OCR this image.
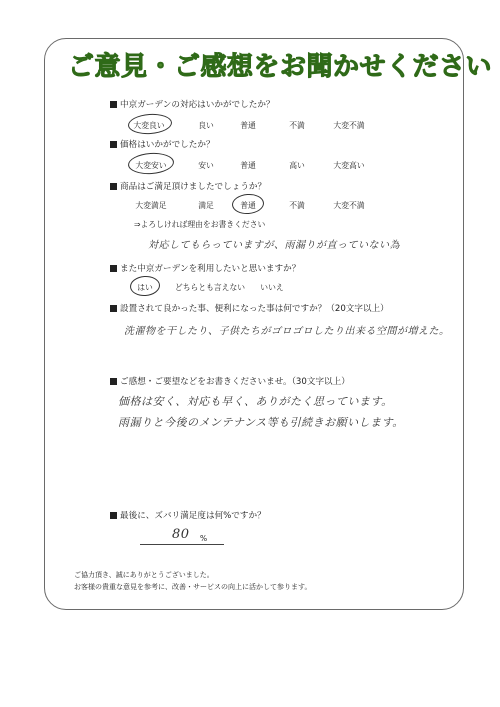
ご意見・ご感想をお聞かせください
中京ガーデンの対応はいかがでしたか？
大変良い	良い	普通	不満	大変不満
価格はいかがでしたか？
大変安い	安い	普通	高い	大変高い
商品はご満足頂けましたでしょうか？
大変満足	満足	普通	不満	大変不満
⇒よろしければ理由をお書きください
対応してもらっていますが、雨漏りが直っていない為
また中京ガーデンを利用したいと思いますか？
はい	どちらとも言えない	いいえ
設置されて良かった事、便利になった事は何ですか？（20文字以上）
洗濯物を干したり、子供たちがゴロゴロしたり出来る空間が増えた。
ご感想・ご要望などをお書きくださいませ。（30文字以上）
価格は安く、対応も早く、ありがたく思っています。
雨漏りと今後のメンテナンス等も引続きお願いします。
最後に、ズバリ満足度は何%ですか？
80 %
ご協力頂き、誠にありがとうございました。
お客様の貴重な意見を参考に、改善・サービスの向上に活かして参ります。
